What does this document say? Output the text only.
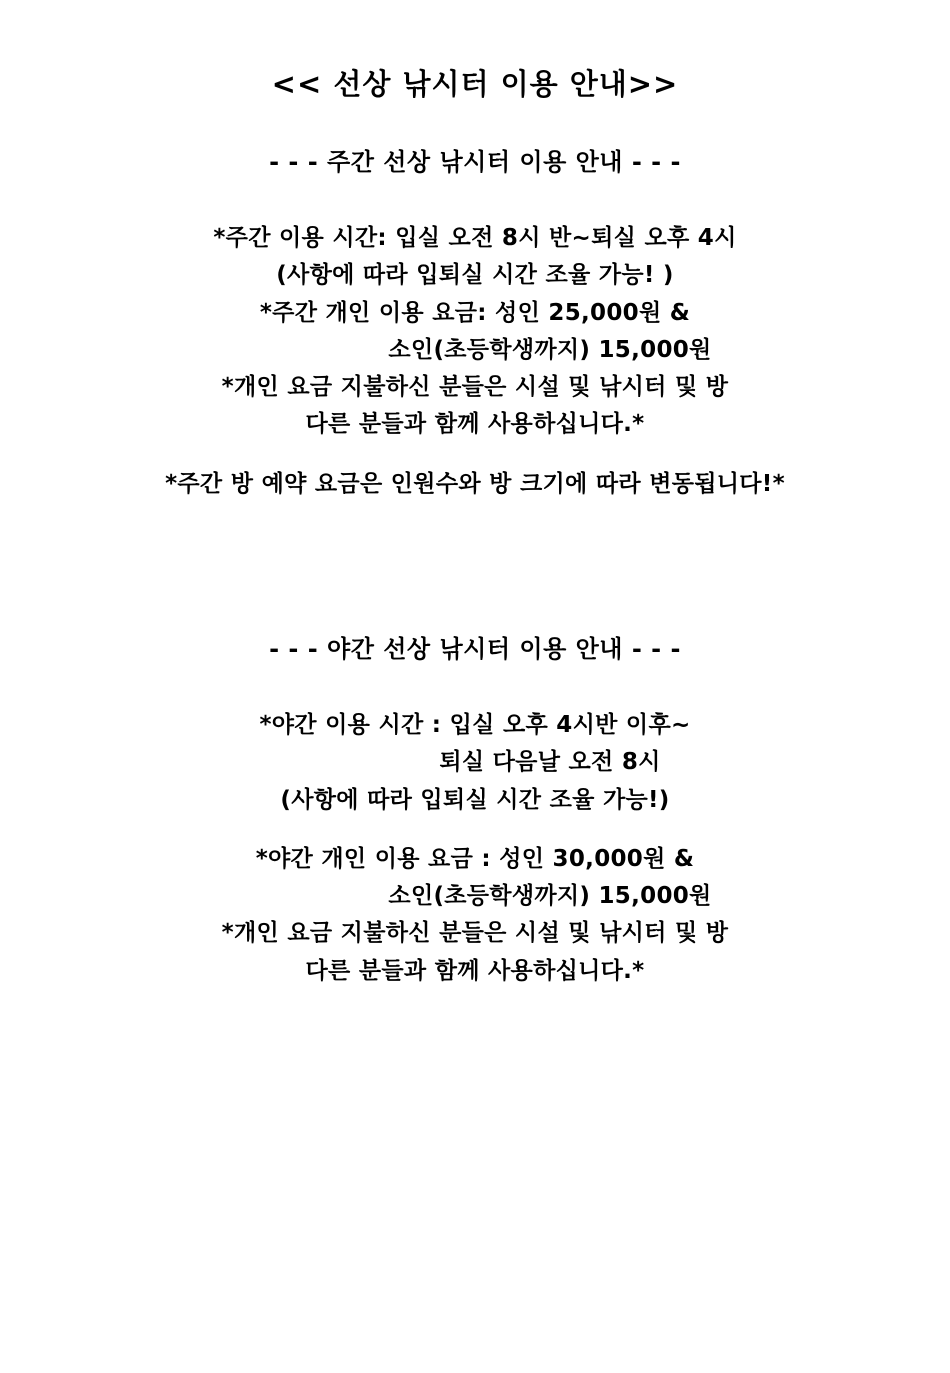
<< 선상 낚시터 이용 안내>>
- - - 주간 선상 낚시터 이용 안내 - - -
*주간 이용 시간: 입실 오전 8시 반~퇴실 오후 4시
(사항에 따라 입퇴실 시간 조율 가능! )
*주간 개인 이용 요금: 성인 25,000원 &
소인(초등학생까지) 15,000원
*개인 요금 지불하신 분들은 시설 및 낚시터 및 방
다른 분들과 함께 사용하십니다.*
*주간 방 예약 요금은 인원수와 방 크기에 따라 변동됩니다!*
- - - 야간 선상 낚시터 이용 안내 - - -
*야간 이용 시간 : 입실 오후 4시반 이후~
퇴실 다음날 오전 8시
(사항에 따라 입퇴실 시간 조율 가능!)
*야간 개인 이용 요금 : 성인 30,000원 &
소인(초등학생까지) 15,000원
*개인 요금 지불하신 분들은 시설 및 낚시터 및 방
다른 분들과 함께 사용하십니다.*
